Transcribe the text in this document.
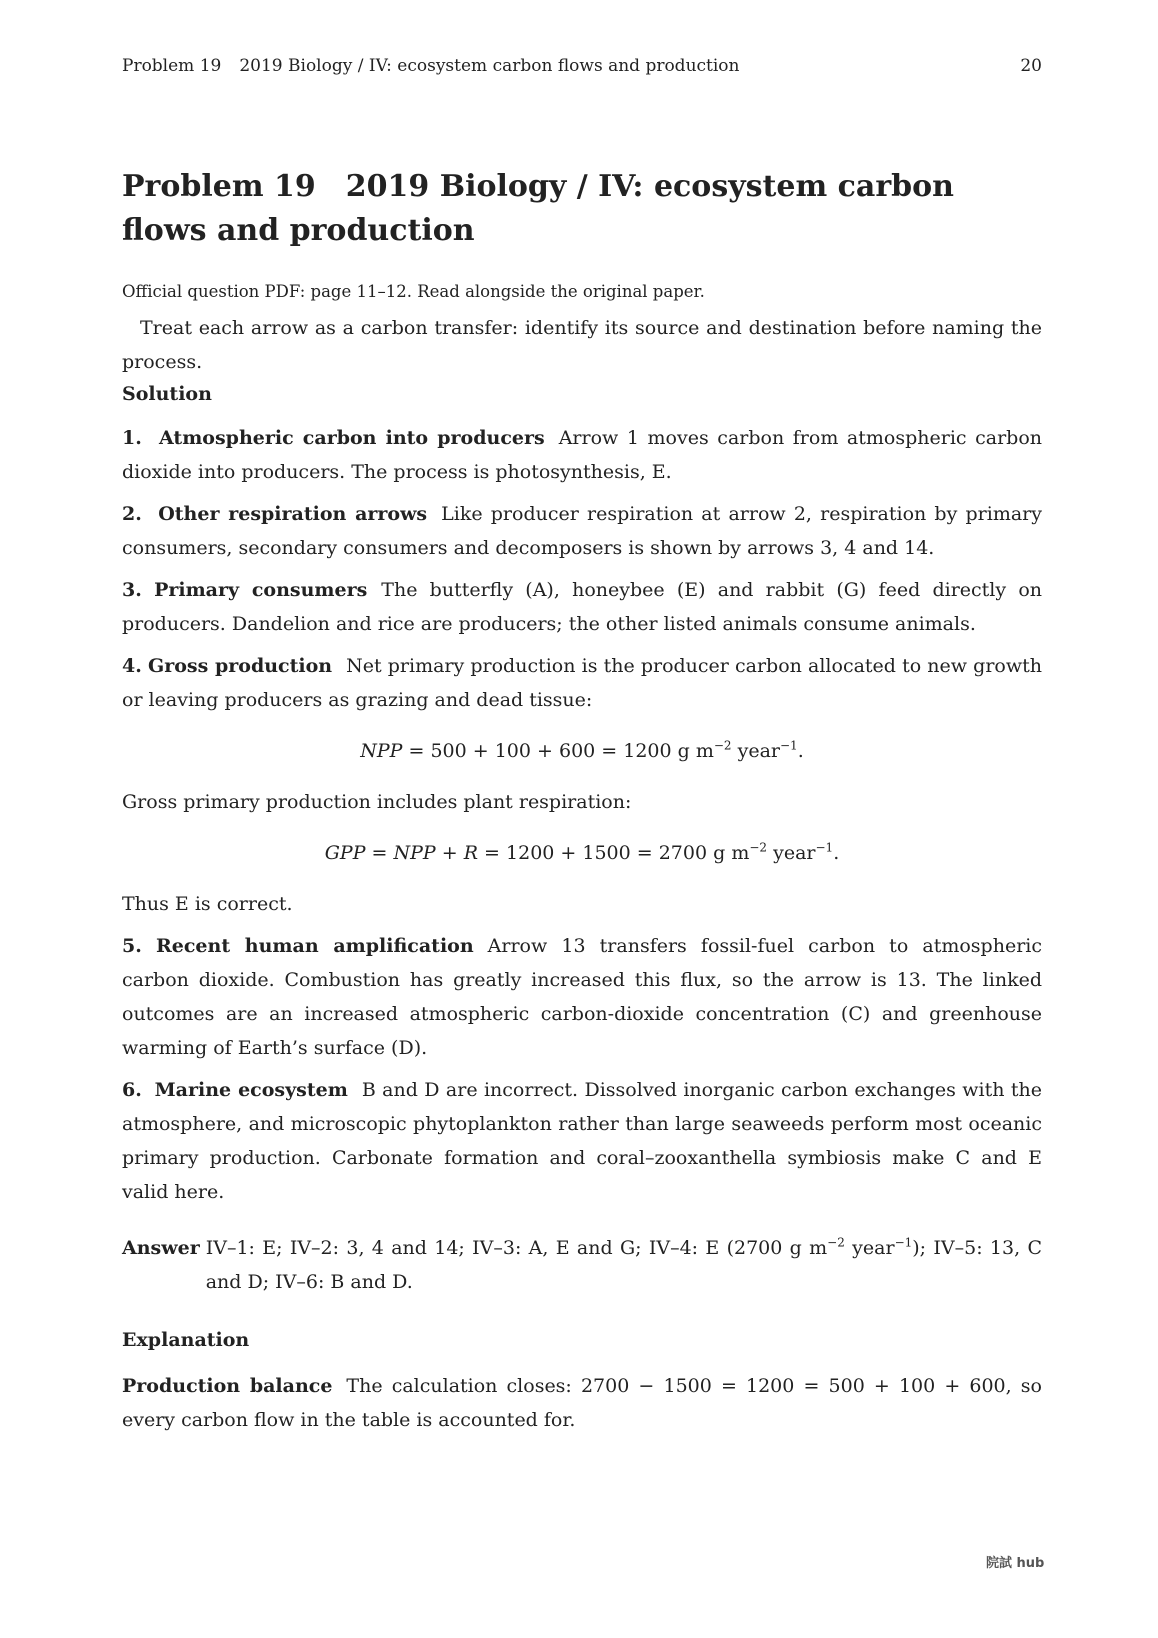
Problem 19 2019 Biology / IV: ecosystem carbon flows and production	20
Problem 19 2019 Biology / IV: ecosystem carbon flows and production

Official question PDF: page 11–12. Read alongside the original paper.

Treat each arrow as a carbon transfer: identify its source and destination before naming the process.

Solution

1. Atmospheric carbon into producers Arrow 1 moves carbon from atmospheric carbon dioxide into producers. The process is photosynthesis, E.

2. Other respiration arrows Like producer respiration at arrow 2, respiration by primary consumers, secondary consumers and decomposers is shown by arrows 3, 4 and 14.

3. Primary consumers The butterfly (A), honeybee (E) and rabbit (G) feed directly on producers. Dandelion and rice are producers; the other listed animals consume animals.

4. Gross production Net primary production is the producer carbon allocated to new growth or leaving producers as grazing and dead tissue:

NPP = 500 + 100 + 600 = 1200 g $m^{-2}$ year$^{-1}$.

Gross primary production includes plant respiration:

GPP = NPP + R = 1200 + 1500 = 2700 g $m^{-2}$ year$^{-1}$.

Thus E is correct.

5. Recent human amplification Arrow 13 transfers fossil-fuel carbon to atmospheric carbon dioxide. Combustion has greatly increased this flux, so the arrow is 13. The linked outcomes are an increased atmospheric carbon-dioxide concentration (C) and greenhouse warming of Earth’s surface (D).

6. Marine ecosystem B and D are incorrect. Dissolved inorganic carbon exchanges with the atmosphere, and microscopic phytoplankton rather than large seaweeds perform most oceanic primary production. Carbonate formation and coral–zooxanthella symbiosis make C and E valid here.

Answer IV–1: E; IV–2: 3, 4 and 14; IV–3: A, E and G; IV–4: E (2700 g $m^{-2}$ year$^{-1}$); IV–5: 13, C and D; IV–6: B and D.

Explanation

Production balance The calculation closes: 2700 − 1500 = 1200 = 500 + 100 + 600, so every carbon flow in the table is accounted for.

院試 hub
